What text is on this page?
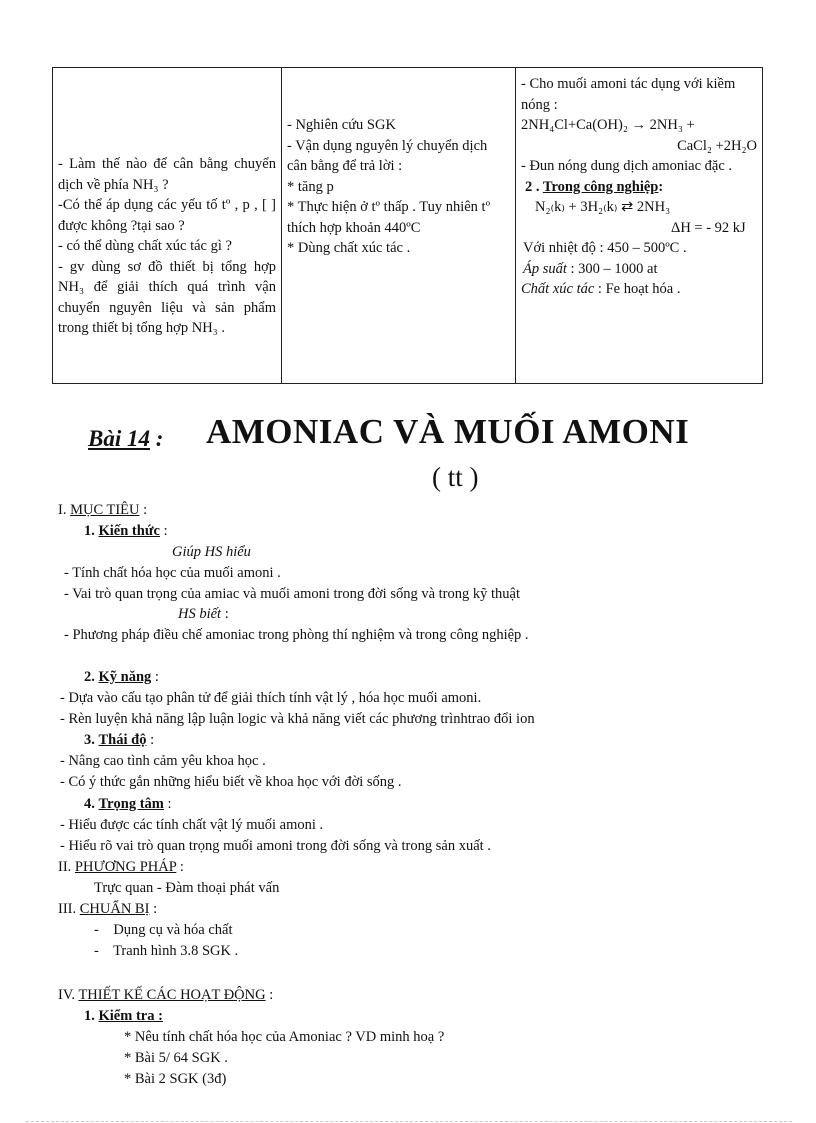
- Làm thế nào để cân bằng chuyển dịch về phía NH₃ ?
-Có thể áp dụng các yếu tố tº , p , [ ] được không ?tại sao ?
- có thể dùng chất xúc tác gì ?
- gv dùng sơ đồ thiết bị tổng hợp NH₃ để giải thích quá trình vận chuyển nguyên liệu và sản phẩm trong thiết bị tổng hợp NH₃ .

- Nghiên cứu SGK
- Vận dụng nguyên lý chuyển dịch cân bằng để trả lời :
* tăng p
* Thực hiện ở tº thấp . Tuy nhiên tº thích hợp khoản 440ºC
* Dùng chất xúc tác .

- Cho muối amoni tác dụng với kiềm nóng :
2NH₄Cl+Ca(OH)₂ → 2NH₃ +
CaCl₂ +2H₂O
- Đun nóng dung dịch amoniac đặc .
2 . Trong công nghiệp:
N₂₍k₎ + 3H₂₍k₎ ⇄ 2NH₃
ΔH = - 92 kJ
Với nhiệt độ : 450 – 500ºC .
Áp suất : 300 – 1000 at
Chất xúc tác : Fe hoạt hóa .
Bài 14 : AMONIAC VÀ MUỐI AMONI
( tt )
I. MỤC TIÊU :
1. Kiến thức :
Giúp HS hiểu
- Tính chất hóa học của muối amoni .
- Vai trò quan trọng của amiac và muối amoni trong đời sống và trong kỹ thuật
HS biết :
- Phương pháp điều chế amoniac trong phòng thí nghiệm và trong công nghiệp .
2. Kỹ năng :
- Dựa vào cấu tạo phân tử để giải thích tính vật lý , hóa học muối amoni.
- Rèn luyện khả năng lập luận logic và khả năng viết các phương trìnhtrao đổi ion
3. Thái độ :
- Nâng cao tình cảm yêu khoa học .
- Có ý thức gắn những hiểu biết về khoa học với đời sống .
4. Trọng tâm :
- Hiểu được các tính chất vật lý muối amoni .
- Hiểu rõ vai trò quan trọng muối amoni trong đời sống và trong sản xuất .
II. PHƯƠNG PHÁP :
Trực quan - Đàm thoại phát vấn
III. CHUẨN BỊ :
-    Dụng cụ và hóa chất
-    Tranh hình 3.8 SGK .
IV. THIẾT KẾ CÁC HOẠT ĐỘNG :
1. Kiểm tra :
* Nêu tính chất hóa học của Amoniac ? VD minh hoạ ?
* Bài 5/ 64 SGK .
* Bài 2 SGK (3đ)
